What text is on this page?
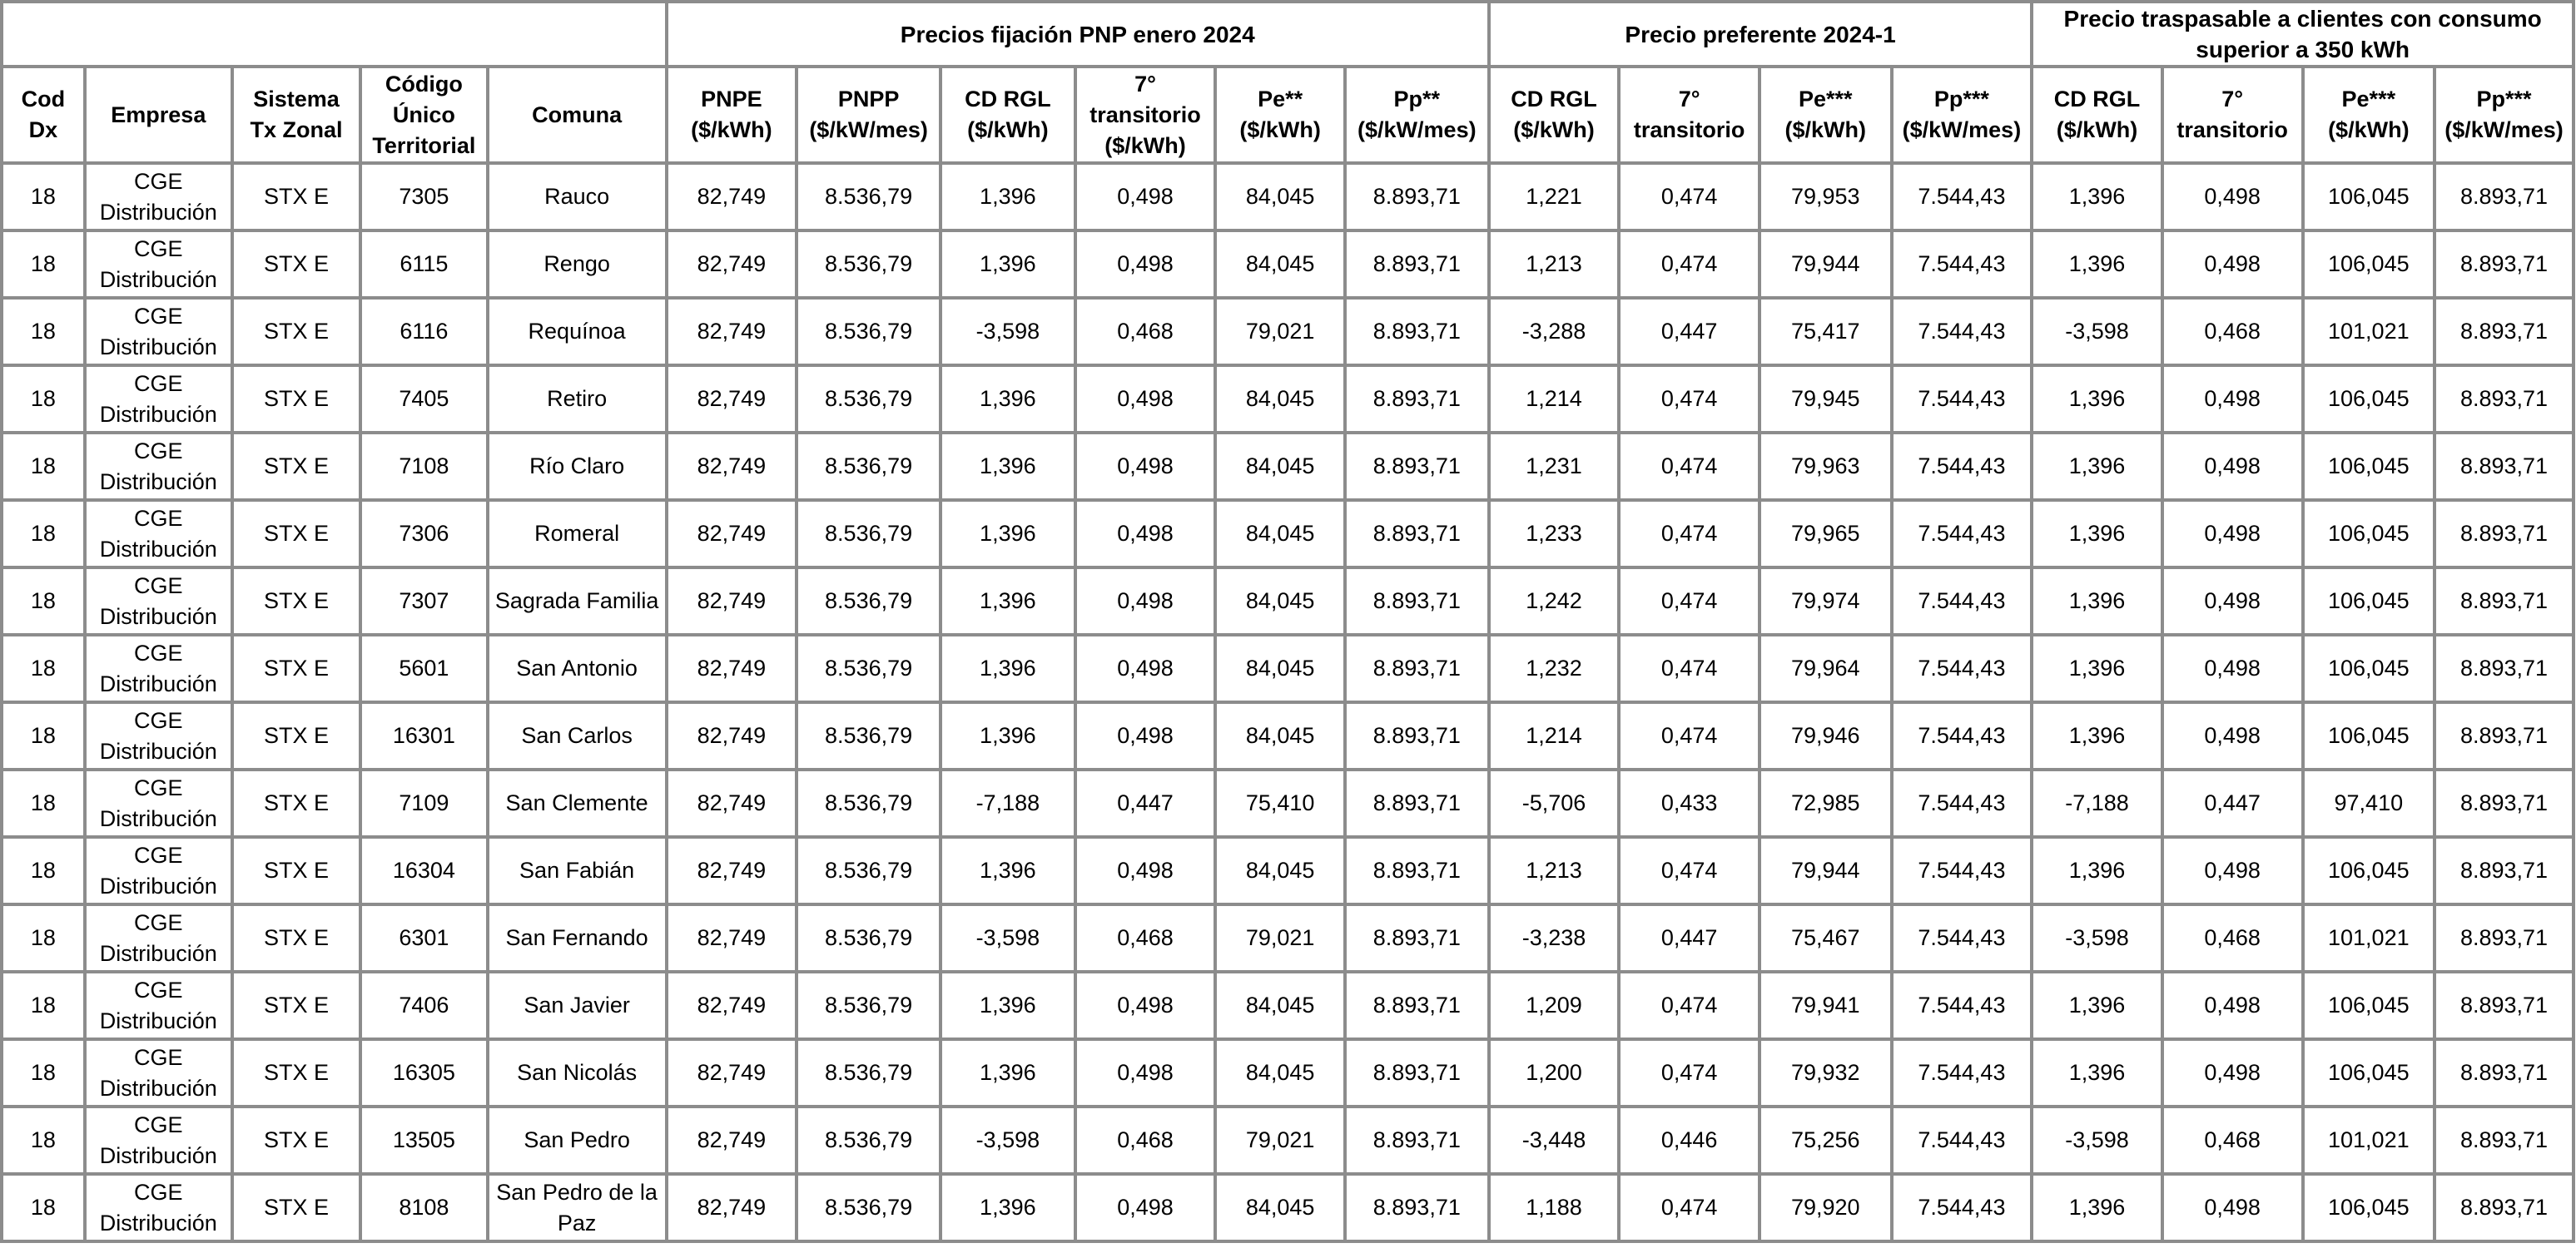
					Precios fijación PNP enero 2024						Precio preferente 2024-1				Precio traspasable a clientes con consumo superior a 350 kWh			
Cod Dx	Empresa	Sistema Tx Zonal	Código Único Territorial	Comuna	PNPE ($/kWh)	PNPP ($/kW/mes)	CD RGL ($/kWh)	7° transitorio ($/kWh)	Pe** ($/kWh)	Pp** ($/kW/mes)	CD RGL ($/kWh)	7° transitorio	Pe*** ($/kWh)	Pp*** ($/kW/mes)	CD RGL ($/kWh)	7° transitorio	Pe*** ($/kWh)	Pp*** ($/kW/mes)
18	CGE Distribución	STX E	7305	Rauco	82,749	8.536,79	1,396	0,498	84,045	8.893,71	1,221	0,474	79,953	7.544,43	1,396	0,498	106,045	8.893,71
18	CGE Distribución	STX E	6115	Rengo	82,749	8.536,79	1,396	0,498	84,045	8.893,71	1,213	0,474	79,944	7.544,43	1,396	0,498	106,045	8.893,71
18	CGE Distribución	STX E	6116	Requínoa	82,749	8.536,79	-3,598	0,468	79,021	8.893,71	-3,288	0,447	75,417	7.544,43	-3,598	0,468	101,021	8.893,71
18	CGE Distribución	STX E	7405	Retiro	82,749	8.536,79	1,396	0,498	84,045	8.893,71	1,214	0,474	79,945	7.544,43	1,396	0,498	106,045	8.893,71
18	CGE Distribución	STX E	7108	Río Claro	82,749	8.536,79	1,396	0,498	84,045	8.893,71	1,231	0,474	79,963	7.544,43	1,396	0,498	106,045	8.893,71
18	CGE Distribución	STX E	7306	Romeral	82,749	8.536,79	1,396	0,498	84,045	8.893,71	1,233	0,474	79,965	7.544,43	1,396	0,498	106,045	8.893,71
18	CGE Distribución	STX E	7307	Sagrada Familia	82,749	8.536,79	1,396	0,498	84,045	8.893,71	1,242	0,474	79,974	7.544,43	1,396	0,498	106,045	8.893,71
18	CGE Distribución	STX E	5601	San Antonio	82,749	8.536,79	1,396	0,498	84,045	8.893,71	1,232	0,474	79,964	7.544,43	1,396	0,498	106,045	8.893,71
18	CGE Distribución	STX E	16301	San Carlos	82,749	8.536,79	1,396	0,498	84,045	8.893,71	1,214	0,474	79,946	7.544,43	1,396	0,498	106,045	8.893,71
18	CGE Distribución	STX E	7109	San Clemente	82,749	8.536,79	-7,188	0,447	75,410	8.893,71	-5,706	0,433	72,985	7.544,43	-7,188	0,447	97,410	8.893,71
18	CGE Distribución	STX E	16304	San Fabián	82,749	8.536,79	1,396	0,498	84,045	8.893,71	1,213	0,474	79,944	7.544,43	1,396	0,498	106,045	8.893,71
18	CGE Distribución	STX E	6301	San Fernando	82,749	8.536,79	-3,598	0,468	79,021	8.893,71	-3,238	0,447	75,467	7.544,43	-3,598	0,468	101,021	8.893,71
18	CGE Distribución	STX E	7406	San Javier	82,749	8.536,79	1,396	0,498	84,045	8.893,71	1,209	0,474	79,941	7.544,43	1,396	0,498	106,045	8.893,71
18	CGE Distribución	STX E	16305	San Nicolás	82,749	8.536,79	1,396	0,498	84,045	8.893,71	1,200	0,474	79,932	7.544,43	1,396	0,498	106,045	8.893,71
18	CGE Distribución	STX E	13505	San Pedro	82,749	8.536,79	-3,598	0,468	79,021	8.893,71	-3,448	0,446	75,256	7.544,43	-3,598	0,468	101,021	8.893,71
18	CGE Distribución	STX E	8108	San Pedro de la Paz	82,749	8.536,79	1,396	0,498	84,045	8.893,71	1,188	0,474	79,920	7.544,43	1,396	0,498	106,045	8.893,71
